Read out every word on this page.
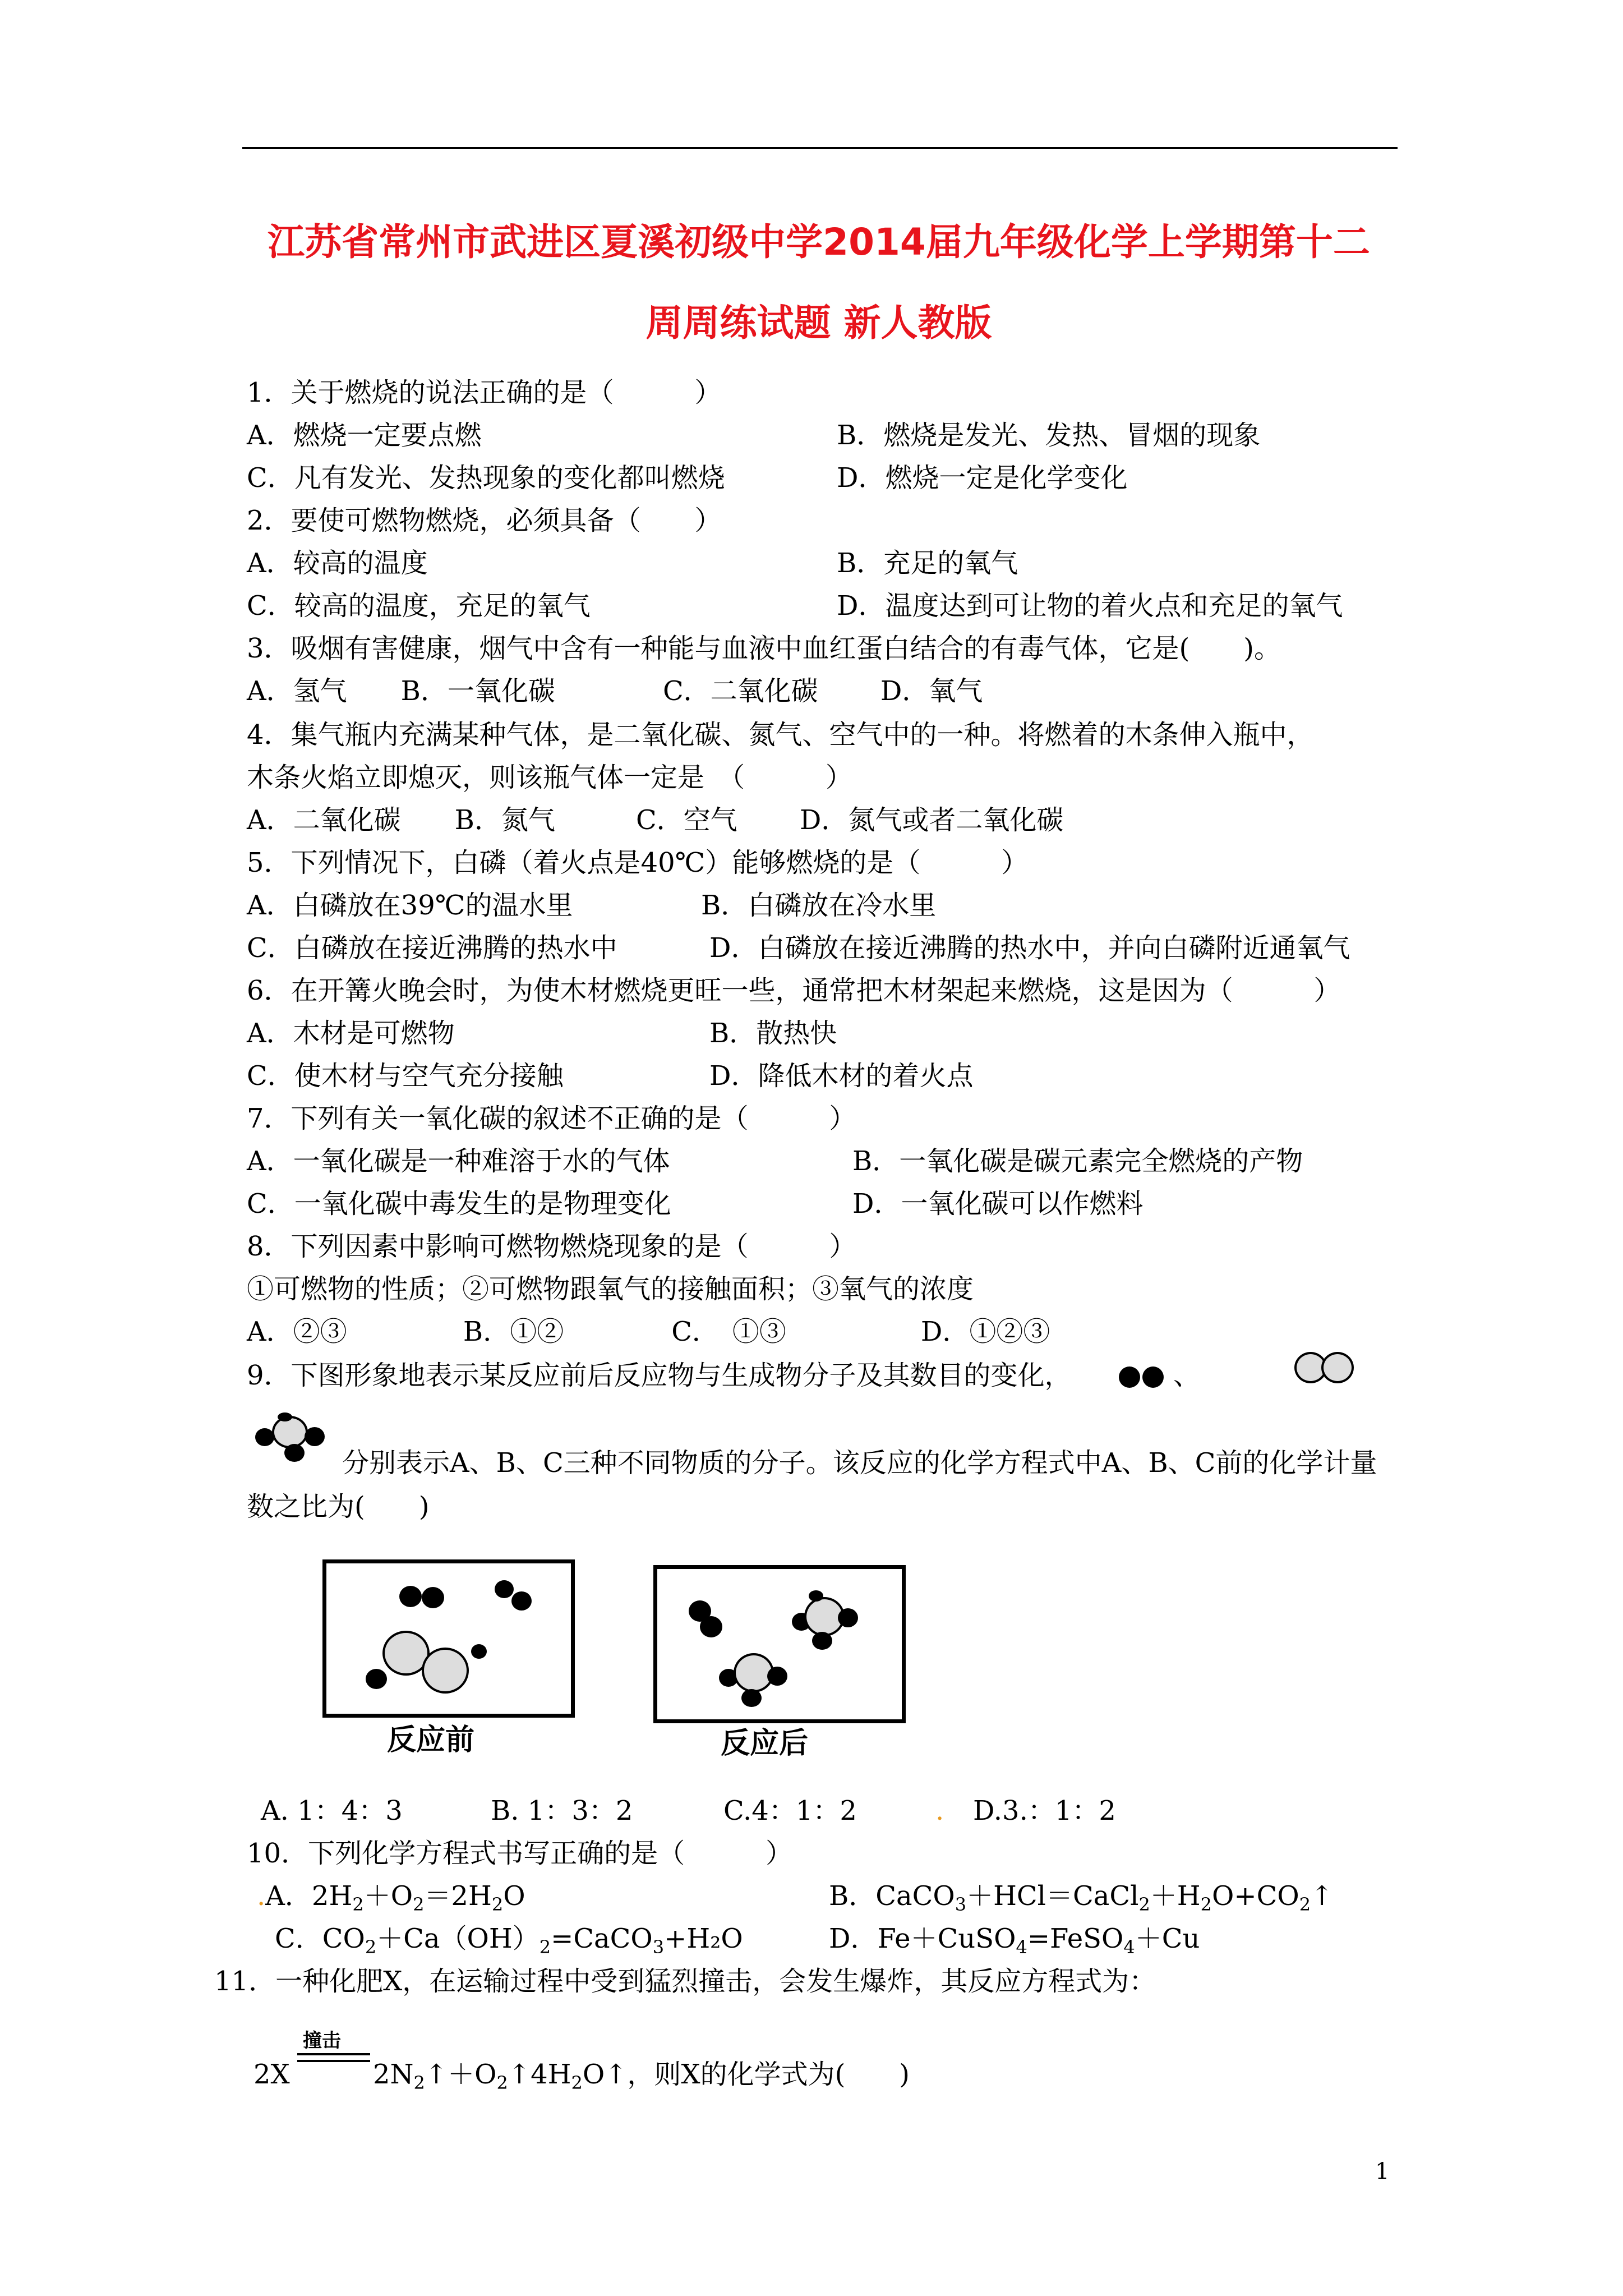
江苏省常州市武进区夏溪初级中学2014届九年级化学上学期第十二
周周练试题 新人教版
1．关于燃烧的说法正确的是（　　　）
A．燃烧一定要点燃	B．燃烧是发光、发热、冒烟的现象
C．凡有发光、发热现象的变化都叫燃烧	D．燃烧一定是化学变化
2．要使可燃物燃烧，必须具备（　　）
A．较高的温度	B．充足的氧气
C．较高的温度，充足的氧气	D．温度达到可让物的着火点和充足的氧气
3．吸烟有害健康，烟气中含有一种能与血液中血红蛋白结合的有毒气体，它是(　　)。
A．氢气　　B．一氧化碳　　　　C．二氧化碳　　 D．氧气
4．集气瓶内充满某种气体，是二氧化碳、氮气、空气中的一种。将燃着的木条伸入瓶中，
木条火焰立即熄灭，则该瓶气体一定是　（　　　）
A．二氧化碳　　B．氮气　　　C．空气　　 D．氮气或者二氧化碳
5．下列情况下，白磷（着火点是40℃）能够燃烧的是（　　　）
A．白磷放在39℃的温水里	B．白磷放在冷水里
C．白磷放在接近沸腾的热水中	D．白磷放在接近沸腾的热水中，并向白磷附近通氧气
6．在开篝火晚会时，为使木材燃烧更旺一些，通常把木材架起来燃烧，这是因为（　　　）
A．木材是可燃物	B．散热快
C．使木材与空气充分接触	D．降低木材的着火点
7．下列有关一氧化碳的叙述不正确的是（　　　）
A．一氧化碳是一种难溶于水的气体	B．一氧化碳是碳元素完全燃烧的产物
C．一氧化碳中毒发生的是物理变化	D．一氧化碳可以作燃料
8．下列因素中影响可燃物燃烧现象的是（　　　）
①可燃物的性质；②可燃物跟氧气的接触面积；③氧气的浓度
A．②③　　　　 B．①②　　　　C．　①③　　　　　D．①②③
9．下图形象地表示某反应前后反应物与生成物分子及其数目的变化，	、
分别表示A、B、C三种不同物质的分子。该反应的化学方程式中A、B、C前的化学计量
数之比为(　　)
反应前	反应后
A. 1：4：3	B. 1：3：2	C.4：1：2	. D.3.：1：2
10．下列化学方程式书写正确的是（　　　）
.A．$2H_2+O_2=2H_2O$	B．$CaCO_3+HCl=CaCl_2+H_2O+CO_2↑$
C．$CO_2+Ca(OH)_2=CaCO_3+H_2O$	D．Fe＋CuSO$_4$=FeSO$_4$＋Cu
11．一种化肥X，在运输过程中受到猛烈撞击，会发生爆炸，其反应方程式为：
2X
撞击
$2N_2↑+O_2↑4H_2O↑$，则X的化学式为(　　)
1
